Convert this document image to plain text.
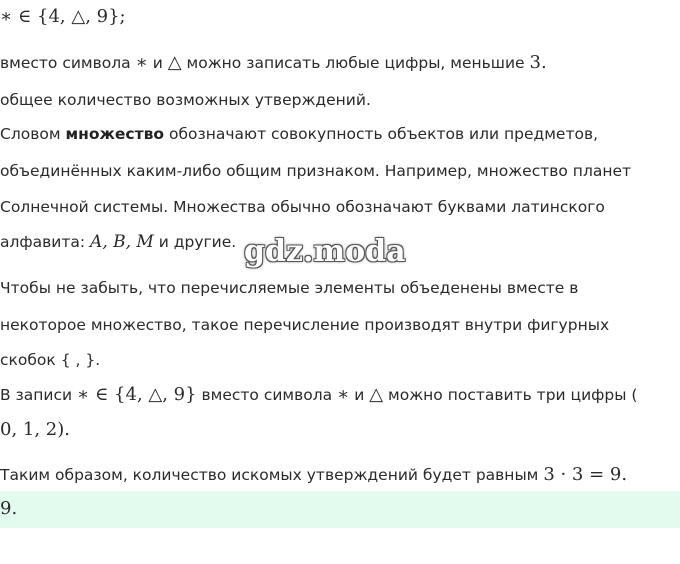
∗ ∈ {4, △, 9};
вместо символа ∗ и △ можно записать любые цифры, меньшие 3.
общее количество возможных утверждений.
Словом множество обозначают совокупность объектов или предметов,
объединённых каким-либо общим признаком. Например, множество планет
Солнечной системы. Множества обычно обозначают буквами латинского
алфавита: A, B, M и другие. gdz.moda
Чтобы не забыть, что перечисляемые элементы объеденены вместе в
некоторое множество, такое перечисление производят внутри фигурных
скобок { , }.
В записи ∗ ∈ {4, △, 9} вместо символа ∗ и △ можно поставить три цифры (
0, 1, 2).
Таким образом, количество искомых утверждений будет равным 3 · 3 = 9.
9.
